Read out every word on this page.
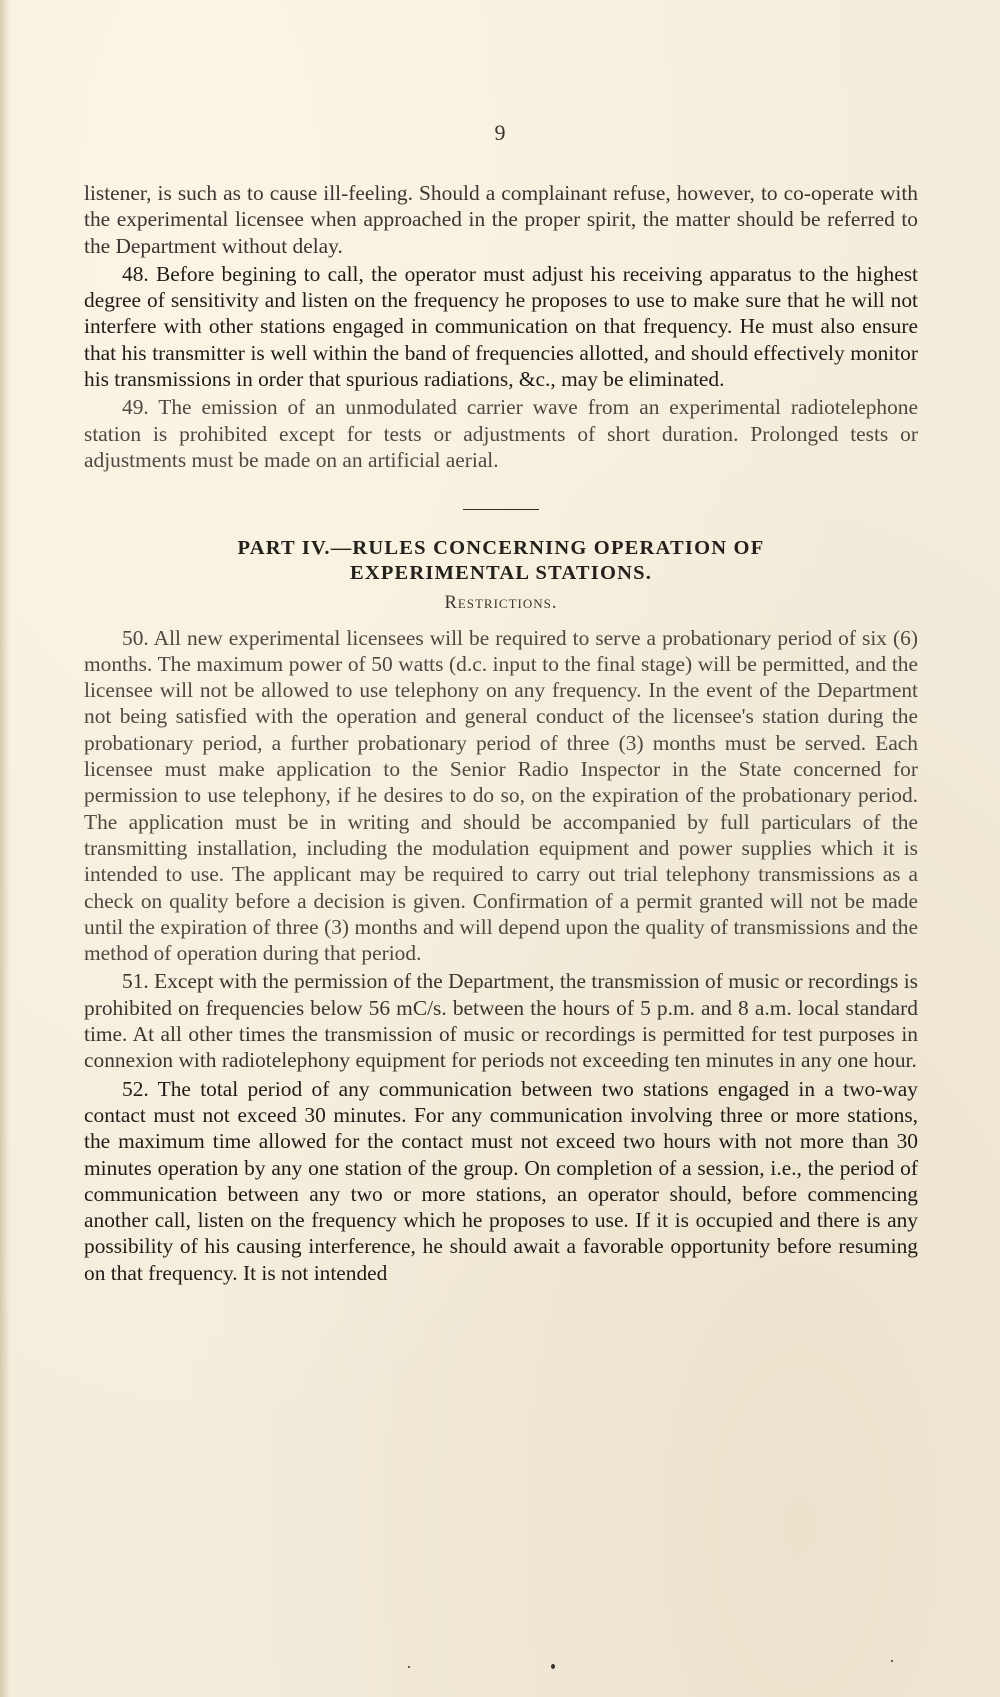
9

listener, is such as to cause ill-feeling. Should a complainant refuse, however, to co-operate with the experimental licensee when approached in the proper spirit, the matter should be referred to the Department without delay.

48. Before begining to call, the operator must adjust his receiving apparatus to the highest degree of sensitivity and listen on the frequency he proposes to use to make sure that he will not interfere with other stations engaged in communication on that frequency. He must also ensure that his transmitter is well within the band of frequencies allotted, and should effectively monitor his transmissions in order that spurious radiations, &c., may be eliminated.

49. The emission of an unmodulated carrier wave from an experimental radiotelephone station is prohibited except for tests or adjustments of short duration. Prolonged tests or adjustments must be made on an artificial aerial.

PART IV.—RULES CONCERNING OPERATION OF

EXPERIMENTAL STATIONS.

Restrictions.

50. All new experimental licensees will be required to serve a probationary period of six (6) months. The maximum power of 50 watts (d.c. input to the final stage) will be permitted, and the licensee will not be allowed to use telephony on any frequency. In the event of the Department not being satisfied with the operation and general conduct of the licensee's station during the probationary period, a further probationary period of three (3) months must be served. Each licensee must make application to the Senior Radio Inspector in the State concerned for permission to use telephony, if he desires to do so, on the expiration of the probationary period. The application must be in writing and should be accompanied by full particulars of the transmitting installation, including the modulation equipment and power supplies which it is intended to use. The applicant may be required to carry out trial telephony transmissions as a check on quality before a decision is given. Confirmation of a permit granted will not be made until the expiration of three (3) months and will depend upon the quality of transmissions and the method of operation during that period.

51. Except with the permission of the Department, the transmission of music or recordings is prohibited on frequencies below 56 mC/s. between the hours of 5 p.m. and 8 a.m. local standard time. At all other times the transmission of music or recordings is permitted for test purposes in connexion with radiotelephony equipment for periods not exceeding ten minutes in any one hour.

52. The total period of any communication between two stations engaged in a two-way contact must not exceed 30 minutes. For any communication involving three or more stations, the maximum time allowed for the contact must not exceed two hours with not more than 30 minutes operation by any one station of the group. On completion of a session, i.e., the period of communication between any two or more stations, an operator should, before commencing another call, listen on the frequency which he proposes to use. If it is occupied and there is any possibility of his causing interference, he should await a favorable opportunity before resuming on that frequency. It is not intended
